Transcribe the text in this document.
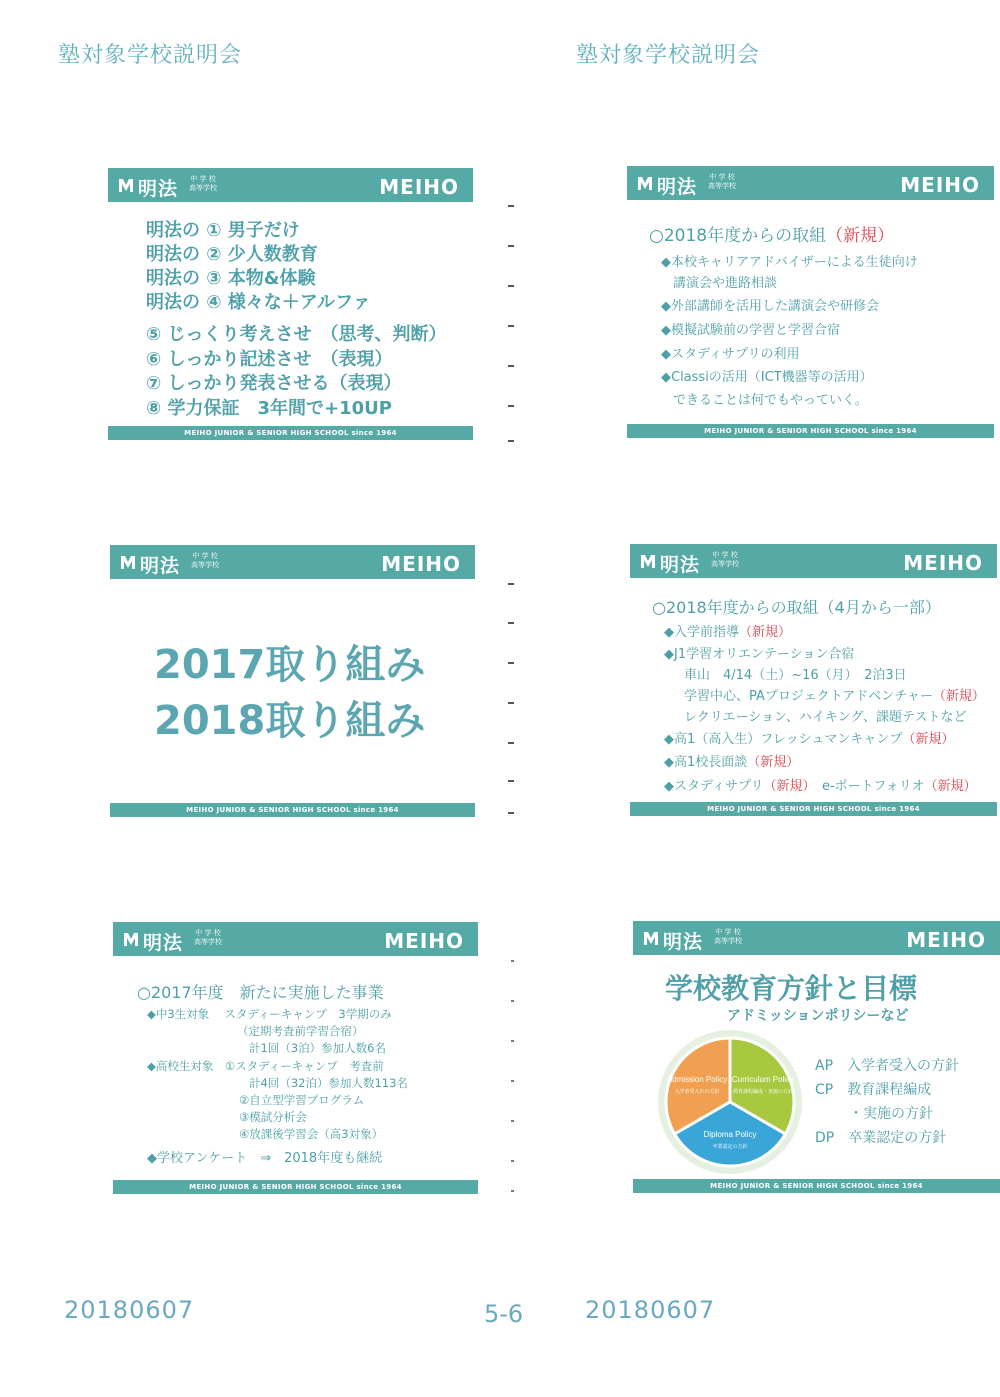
塾対象学校説明会	塾対象学校説明会
明法	中 学 校
高等学校	MEIHO
明法の ① 男子だけ
明法の ② 少人数教育
明法の ③ 本物&体験
明法の ④ 様々な＋アルファ
⑤ じっくり考えさせ　（思考、判断）
⑥ しっかり記述させ　（表現）
⑦ しっかり発表させる（表現）
⑧ 学力保証　3年間で+10UP
MEIHO JUNIOR & SENIOR HIGH SCHOOL since 1964
明法	中 学 校
高等学校	MEIHO
○2018年度からの取組（新規）
◆本校キャリアアドバイザーによる生徒向け
講演会や進路相談
◆外部講師を活用した講演会や研修会
◆模擬試験前の学習と学習合宿
◆スタディサプリの利用
◆Classiの活用（ICT機器等の活用）
できることは何でもやっていく。
MEIHO JUNIOR & SENIOR HIGH SCHOOL since 1964
明法	中 学 校
高等学校	MEIHO
2017取り組み
2018取り組み
MEIHO JUNIOR & SENIOR HIGH SCHOOL since 1964
明法	中 学 校
高等学校	MEIHO
○2018年度からの取組（4月から一部）
◆入学前指導（新規）
◆J1学習オリエンテーション合宿
車山　4/14（土）~16（月）　2泊3日
学習中心、PAプロジェクトアドベンチャー（新規）
レクリエーション、ハイキング、課題テストなど
◆高1（高入生）フレッシュマンキャンプ（新規）
◆高1校長面談（新規）
◆スタディサプリ（新規）　 e-ポートフォリオ（新規）
MEIHO JUNIOR & SENIOR HIGH SCHOOL since 1964
明法	中 学 校
高等学校	MEIHO
○2017年度　新たに実施した事業
◆中3生対象　 スタディーキャンプ　3学期のみ
（定期考査前学習合宿）
計1回（3泊）参加人数6名
◆高校生対象　①スタディーキャンプ　考査前
計4回（32泊）参加人数113名
②自立型学習プログラム
③模試分析会
④放課後学習会（高3対象）
◆学校アンケート　⇒　2018年度も継続
MEIHO JUNIOR & SENIOR HIGH SCHOOL since 1964
明法	中 学 校
高等学校	MEIHO
学校教育方針と目標
アドミッションポリシーなど
Admission Policy
入学者受入れの方針
Curriculum Policy
教育課程編成・実施の方針
Diploma Policy
卒業認定の方針
AP　 入学者受入の方針
CP　 教育課程編成
・実施の方針
DP　 卒業認定の方針
MEIHO JUNIOR & SENIOR HIGH SCHOOL since 1964
20180607	5-6	20180607
